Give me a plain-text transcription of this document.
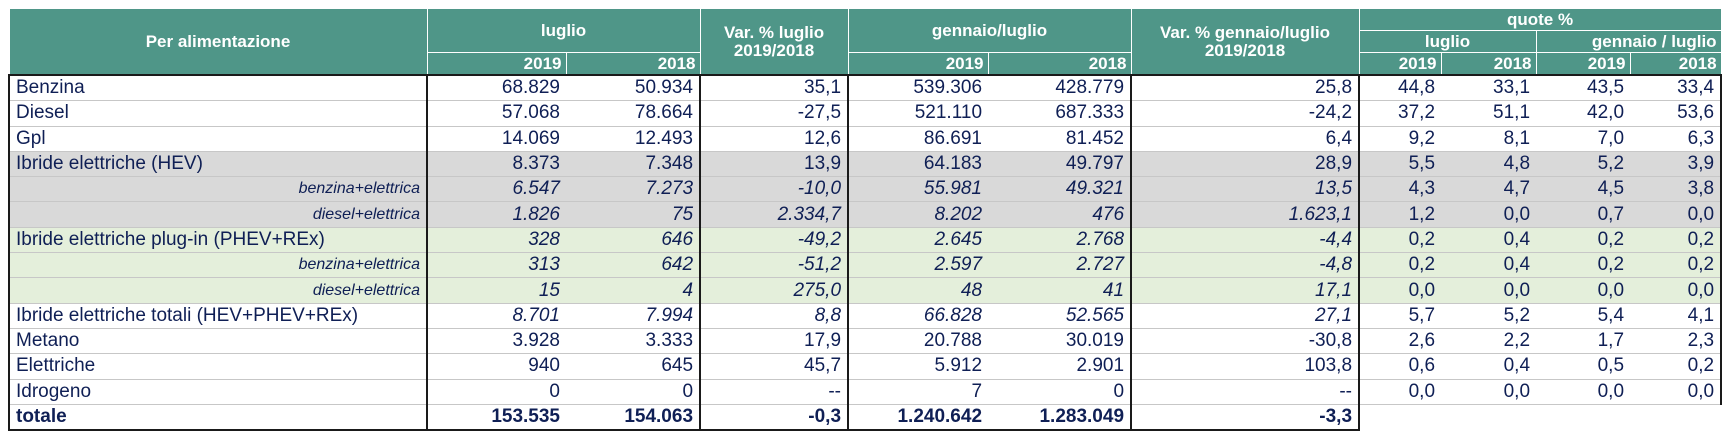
Per alimentazione	luglio		Var. % luglio 2019/2018	gennaio/luglio		Var. % gennaio/luglio 2019/2018	quote %			
							luglio		gennaio / luglio	
	2019	2018		2019	2018		2019	2018	2019	2018
Benzina	68.829	50.934	35,1	539.306	428.779	25,8	44,8	33,1	43,5	33,4
Diesel	57.068	78.664	-27,5	521.110	687.333	-24,2	37,2	51,1	42,0	53,6
Gpl	14.069	12.493	12,6	86.691	81.452	6,4	9,2	8,1	7,0	6,3
Ibride elettriche (HEV)	8.373	7.348	13,9	64.183	49.797	28,9	5,5	4,8	5,2	3,9
benzina+elettrica	6.547	7.273	-10,0	55.981	49.321	13,5	4,3	4,7	4,5	3,8
diesel+elettrica	1.826	75	2.334,7	8.202	476	1.623,1	1,2	0,0	0,7	0,0
Ibride elettriche plug-in (PHEV+REx)	328	646	-49,2	2.645	2.768	-4,4	0,2	0,4	0,2	0,2
benzina+elettrica	313	642	-51,2	2.597	2.727	-4,8	0,2	0,4	0,2	0,2
diesel+elettrica	15	4	275,0	48	41	17,1	0,0	0,0	0,0	0,0
Ibride elettriche totali (HEV+PHEV+REx)	8.701	7.994	8,8	66.828	52.565	27,1	5,7	5,2	5,4	4,1
Metano	3.928	3.333	17,9	20.788	30.019	-30,8	2,6	2,2	1,7	2,3
Elettriche	940	645	45,7	5.912	2.901	103,8	0,6	0,4	0,5	0,2
Idrogeno	0	0	--	7	0	--	0,0	0,0	0,0	0,0
totale	153.535	154.063	-0,3	1.240.642	1.283.049	-3,3				
